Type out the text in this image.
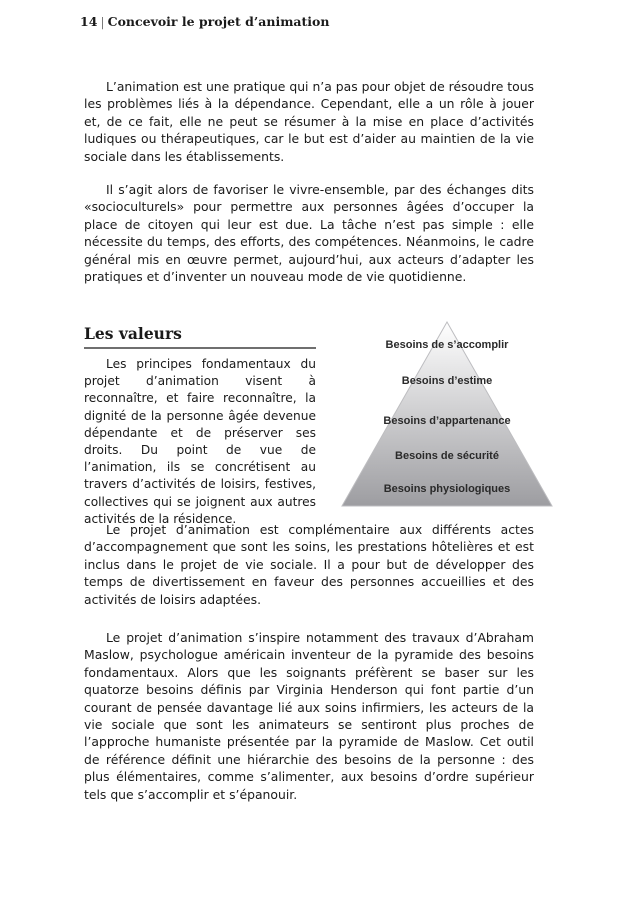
14 | Concevoir le projet d’animation

L’animation est une pratique qui n’a pas pour objet de résoudre tous les problèmes liés à la dépendance. Cependant, elle a un rôle à jouer et, de ce fait, elle ne peut se résumer à la mise en place d’activités ludiques ou thérapeutiques, car le but est d’aider au maintien de la vie sociale dans les établissements.

Il s’agit alors de favoriser le vivre-ensemble, par des échanges dits «socioculturels» pour permettre aux personnes âgées d’occuper la place de citoyen qui leur est due. La tâche n’est pas simple : elle nécessite du temps, des efforts, des compétences. Néanmoins, le cadre général mis en œuvre permet, aujourd’hui, aux acteurs d’adapter les pratiques et d’inventer un nouveau mode de vie quotidienne.

Les valeurs

Les principes fondamentaux du projet d’animation visent à reconnaître, et faire reconnaître, la dignité de la personne âgée devenue dépendante et de préserver ses droits. Du point de vue de l’animation, ils se concrétisent au travers d’activités de loisirs, festives, collectives qui se joignent aux autres activités de la résidence.

Besoins de s’accomplir
Besoins d’estime
Besoins d’appartenance
Besoins de sécurité
Besoins physiologiques

Le projet d’animation est complémentaire aux différents actes d’accompagnement que sont les soins, les prestations hôtelières et est inclus dans le projet de vie sociale. Il a pour but de développer des temps de divertissement en faveur des personnes accueillies et des activités de loisirs adaptées.

Le projet d’animation s’inspire notamment des travaux d’Abraham Maslow, psychologue américain inventeur de la pyramide des besoins fondamentaux. Alors que les soignants préfèrent se baser sur les quatorze besoins définis par Virginia Henderson qui font partie d’un courant de pensée davantage lié aux soins infirmiers, les acteurs de la vie sociale que sont les animateurs se sentiront plus proches de l’approche humaniste présentée par la pyramide de Maslow. Cet outil de référence définit une hiérarchie des besoins de la personne : des plus élémentaires, comme s’alimenter, aux besoins d’ordre supérieur tels que s’accomplir et s’épanouir.
